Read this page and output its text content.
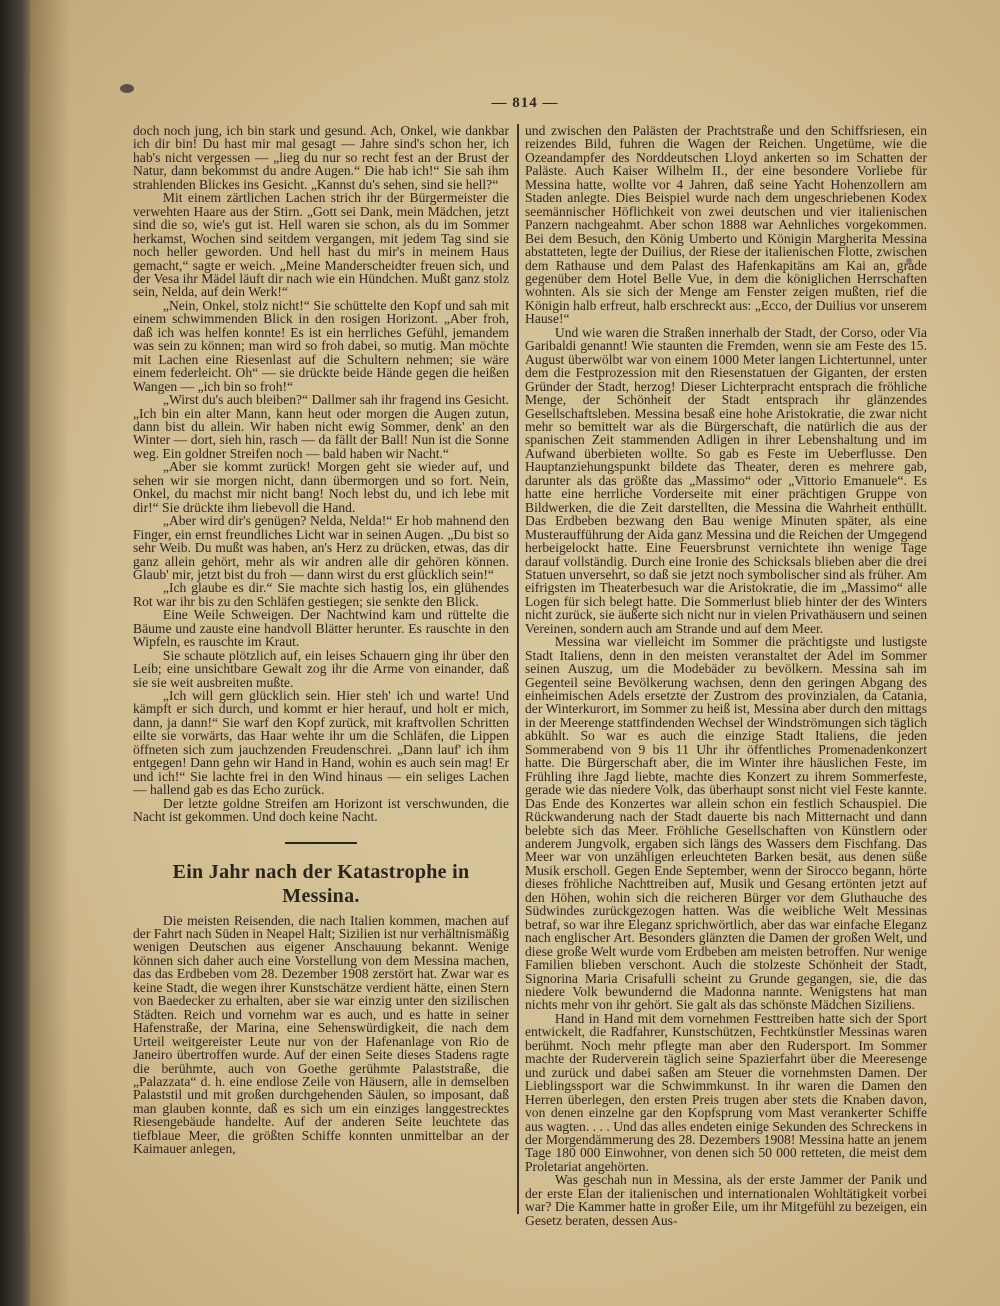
— 814 —

doch noch jung, ich bin stark und gesund. Ach, Onkel, wie dankbar ich dir bin! Du hast mir mal gesagt — Jahre sind's schon her, ich hab's nicht vergessen — „lieg du nur so recht fest an der Brust der Natur, dann bekommst du andre Augen.“ Die hab ich!“ Sie sah ihm strahlenden Blickes ins Gesicht. „Kannst du's sehen, sind sie hell?“

Mit einem zärtlichen Lachen strich ihr der Bürgermeister die verwehten Haare aus der Stirn. „Gott sei Dank, mein Mädchen, jetzt sind die so, wie's gut ist. Hell waren sie schon, als du im Sommer herkamst, Wochen sind seitdem vergangen, mit jedem Tag sind sie noch heller geworden. Und hell hast du mir's in meinem Haus gemacht,“ sagte er weich. „Meine Manderscheidter freuen sich, und der Vesa ihr Mädel läuft dir nach wie ein Hündchen. Mußt ganz stolz sein, Nelda, auf dein Werk!“

„Nein, Onkel, stolz nicht!“ Sie schüttelte den Kopf und sah mit einem schwimmenden Blick in den rosigen Horizont. „Aber froh, daß ich was helfen konnte! Es ist ein herrliches Gefühl, jemandem was sein zu können; man wird so froh dabei, so mutig. Man möchte mit Lachen eine Riesenlast auf die Schultern nehmen; sie wäre einem federleicht. Oh“ — sie drückte beide Hände gegen die heißen Wangen — „ich bin so froh!“

„Wirst du's auch bleiben?“ Dallmer sah ihr fragend ins Gesicht. „Ich bin ein alter Mann, kann heut oder morgen die Augen zutun, dann bist du allein. Wir haben nicht ewig Sommer, denk' an den Winter — dort, sieh hin, rasch — da fällt der Ball! Nun ist die Sonne weg. Ein goldner Streifen noch — bald haben wir Nacht.“

„Aber sie kommt zurück! Morgen geht sie wieder auf, und sehen wir sie morgen nicht, dann übermorgen und so fort. Nein, Onkel, du machst mir nicht bang! Noch lebst du, und ich lebe mit dir!“ Sie drückte ihm liebevoll die Hand.

„Aber wird dir's genügen? Nelda, Nelda!“ Er hob mahnend den Finger, ein ernst freundliches Licht war in seinen Augen. „Du bist so sehr Weib. Du mußt was haben, an's Herz zu drücken, etwas, das dir ganz allein gehört, mehr als wir andren alle dir gehören können. Glaub' mir, jetzt bist du froh — dann wirst du erst glücklich sein!“

„Ich glaube es dir.“ Sie machte sich hastig los, ein glühendes Rot war ihr bis zu den Schläfen gestiegen; sie senkte den Blick.

Eine Weile Schweigen. Der Nachtwind kam und rüttelte die Bäume und zauste eine handvoll Blätter herunter. Es rauschte in den Wipfeln, es rauschte im Kraut.

Sie schaute plötzlich auf, ein leises Schauern ging ihr über den Leib; eine unsichtbare Gewalt zog ihr die Arme von einander, daß sie sie weit ausbreiten mußte.

„Ich will gern glücklich sein. Hier steh' ich und warte! Und kämpft er sich durch, und kommt er hier herauf, und holt er mich, dann, ja dann!“ Sie warf den Kopf zurück, mit kraftvollen Schritten eilte sie vorwärts, das Haar wehte ihr um die Schläfen, die Lippen öffneten sich zum jauchzenden Freudenschrei. „Dann lauf' ich ihm entgegen! Dann gehn wir Hand in Hand, wohin es auch sein mag! Er und ich!“ Sie lachte frei in den Wind hinaus — ein seliges Lachen — hallend gab es das Echo zurück.

Der letzte goldne Streifen am Horizont ist verschwunden, die Nacht ist gekommen. Und doch keine Nacht.

Ein Jahr nach der Katastrophe in Messina.

Die meisten Reisenden, die nach Italien kommen, machen auf der Fahrt nach Süden in Neapel Halt; Sizilien ist nur verhältnismäßig wenigen Deutschen aus eigener Anschauung bekannt. Wenige können sich daher auch eine Vorstellung von dem Messina machen, das das Erdbeben vom 28. Dezember 1908 zerstört hat. Zwar war es keine Stadt, die wegen ihrer Kunstschätze verdient hätte, einen Stern von Baedecker zu erhalten, aber sie war einzig unter den sizilischen Städten. Reich und vornehm war es auch, und es hatte in seiner Hafenstraße, der Marina, eine Sehenswürdigkeit, die nach dem Urteil weitgereister Leute nur von der Hafenanlage von Rio de Janeiro übertroffen wurde. Auf der einen Seite dieses Stadens ragte die berühmte, auch von Goethe gerühmte Palaststraße, die „Palazzata“ d. h. eine endlose Zeile von Häusern, alle in demselben Palaststil und mit großen durchgehenden Säulen, so imposant, daß man glauben konnte, daß es sich um ein einziges langgestrecktes Riesengebäude handelte. Auf der anderen Seite leuchtete das tiefblaue Meer, die größten Schiffe konnten unmittelbar an der Kaimauer anlegen,

und zwischen den Palästen der Prachtstraße und den Schiffsriesen, ein reizendes Bild, fuhren die Wagen der Reichen. Ungetüme, wie die Ozeandampfer des Norddeutschen Lloyd ankerten so im Schatten der Paläste. Auch Kaiser Wilhelm II., der eine besondere Vorliebe für Messina hatte, wollte vor 4 Jahren, daß seine Yacht Hohenzollern am Staden anlegte. Dies Beispiel wurde nach dem ungeschriebenen Kodex seemännischer Höflichkeit von zwei deutschen und vier italienischen Panzern nachgeahmt. Aber schon 1888 war Aehnliches vorgekommen. Bei dem Besuch, den König Umberto und Königin Margherita Messina abstatteten, legte der Duilius, der Riese der italienischen Flotte, zwischen dem Rathause und dem Palast des Hafenkapitäns am Kai an, grade gegenüber dem Hotel Belle Vue, in dem die königlichen Herrschaften wohnten. Als sie sich der Menge am Fenster zeigen mußten, rief die Königin halb erfreut, halb erschreckt aus: „Ecco, der Duilius vor unserem Hause!“

Und wie waren die Straßen innerhalb der Stadt, der Corso, oder Via Garibaldi genannt! Wie staunten die Fremden, wenn sie am Feste des 15. August überwölbt war von einem 1000 Meter langen Lichtertunnel, unter dem die Festprozession mit den Riesenstatuen der Giganten, der ersten Gründer der Stadt, herzog! Dieser Lichterpracht entsprach die fröhliche Menge, der Schönheit der Stadt entsprach ihr glänzendes Gesellschaftsleben. Messina besaß eine hohe Aristokratie, die zwar nicht mehr so bemittelt war als die Bürgerschaft, die natürlich die aus der spanischen Zeit stammenden Adligen in ihrer Lebenshaltung und im Aufwand überbieten wollte. So gab es Feste im Ueberflusse. Den Hauptanziehungspunkt bildete das Theater, deren es mehrere gab, darunter als das größte das „Massimo“ oder „Vittorio Emanuele“. Es hatte eine herrliche Vorderseite mit einer prächtigen Gruppe von Bildwerken, die die Zeit darstellten, die Messina die Wahrheit enthüllt. Das Erdbeben bezwang den Bau wenige Minuten später, als eine Musteraufführung der Aida ganz Messina und die Reichen der Umgegend herbeigelockt hatte. Eine Feuersbrunst vernichtete ihn wenige Tage darauf vollständig. Durch eine Ironie des Schicksals blieben aber die drei Statuen unversehrt, so daß sie jetzt noch symbolischer sind als früher. Am eifrigsten im Theaterbesuch war die Aristokratie, die im „Massimo“ alle Logen für sich belegt hatte. Die Sommerlust blieb hinter der des Winters nicht zurück, sie äußerte sich nicht nur in vielen Privathäusern und seinen Vereinen, sondern auch am Strande und auf dem Meer.

Messina war vielleicht im Sommer die prächtigste und lustigste Stadt Italiens, denn in den meisten veranstaltet der Adel im Sommer seinen Auszug, um die Modebäder zu bevölkern. Messina sah im Gegenteil seine Bevölkerung wachsen, denn den geringen Abgang des einheimischen Adels ersetzte der Zustrom des provinzialen, da Catania, der Winterkurort, im Sommer zu heiß ist, Messina aber durch den mittags in der Meerenge stattfindenden Wechsel der Windströmungen sich täglich abkühlt. So war es auch die einzige Stadt Italiens, die jeden Sommerabend von 9 bis 11 Uhr ihr öffentliches Promenadenkonzert hatte. Die Bürgerschaft aber, die im Winter ihre häuslichen Feste, im Frühling ihre Jagd liebte, machte dies Konzert zu ihrem Sommerfeste, gerade wie das niedere Volk, das überhaupt sonst nicht viel Feste kannte. Das Ende des Konzertes war allein schon ein festlich Schauspiel. Die Rückwanderung nach der Stadt dauerte bis nach Mitternacht und dann belebte sich das Meer. Fröhliche Gesellschaften von Künstlern oder anderem Jungvolk, ergaben sich längs des Wassers dem Fischfang. Das Meer war von unzähligen erleuchteten Barken besät, aus denen süße Musik erscholl. Gegen Ende September, wenn der Sirocco begann, hörte dieses fröhliche Nachttreiben auf, Musik und Gesang ertönten jetzt auf den Höhen, wohin sich die reicheren Bürger vor dem Gluthauche des Südwindes zurückgezogen hatten. Was die weibliche Welt Messinas betraf, so war ihre Eleganz sprichwörtlich, aber das war einfache Eleganz nach englischer Art. Besonders glänzten die Damen der großen Welt, und diese große Welt wurde vom Erdbeben am meisten betroffen. Nur wenige Familien blieben verschont. Auch die stolzeste Schönheit der Stadt, Signorina Maria Crisafulli scheint zu Grunde gegangen, sie, die das niedere Volk bewundernd die Madonna nannte. Wenigstens hat man nichts mehr von ihr gehört. Sie galt als das schönste Mädchen Siziliens.

Hand in Hand mit dem vornehmen Festtreiben hatte sich der Sport entwickelt, die Radfahrer, Kunstschützen, Fechtkünstler Messinas waren berühmt. Noch mehr pflegte man aber den Rudersport. Im Sommer machte der Ruderverein täglich seine Spazierfahrt über die Meeresenge und zurück und dabei saßen am Steuer die vornehmsten Damen. Der Lieblingssport war die Schwimmkunst. In ihr waren die Damen den Herren überlegen, den ersten Preis trugen aber stets die Knaben davon, von denen einzelne gar den Kopfsprung vom Mast verankerter Schiffe aus wagten. . . . Und das alles endeten einige Sekunden des Schreckens in der Morgendämmerung des 28. Dezembers 1908! Messina hatte an jenem Tage 180 000 Einwohner, von denen sich 50 000 retteten, die meist dem Proletariat angehörten.

Was geschah nun in Messina, als der erste Jammer der Panik und der erste Elan der italienischen und internationalen Wohltätigkeit vorbei war? Die Kammer hatte in großer Eile, um ihr Mitgefühl zu bezeigen, ein Gesetz beraten, dessen Aus-
